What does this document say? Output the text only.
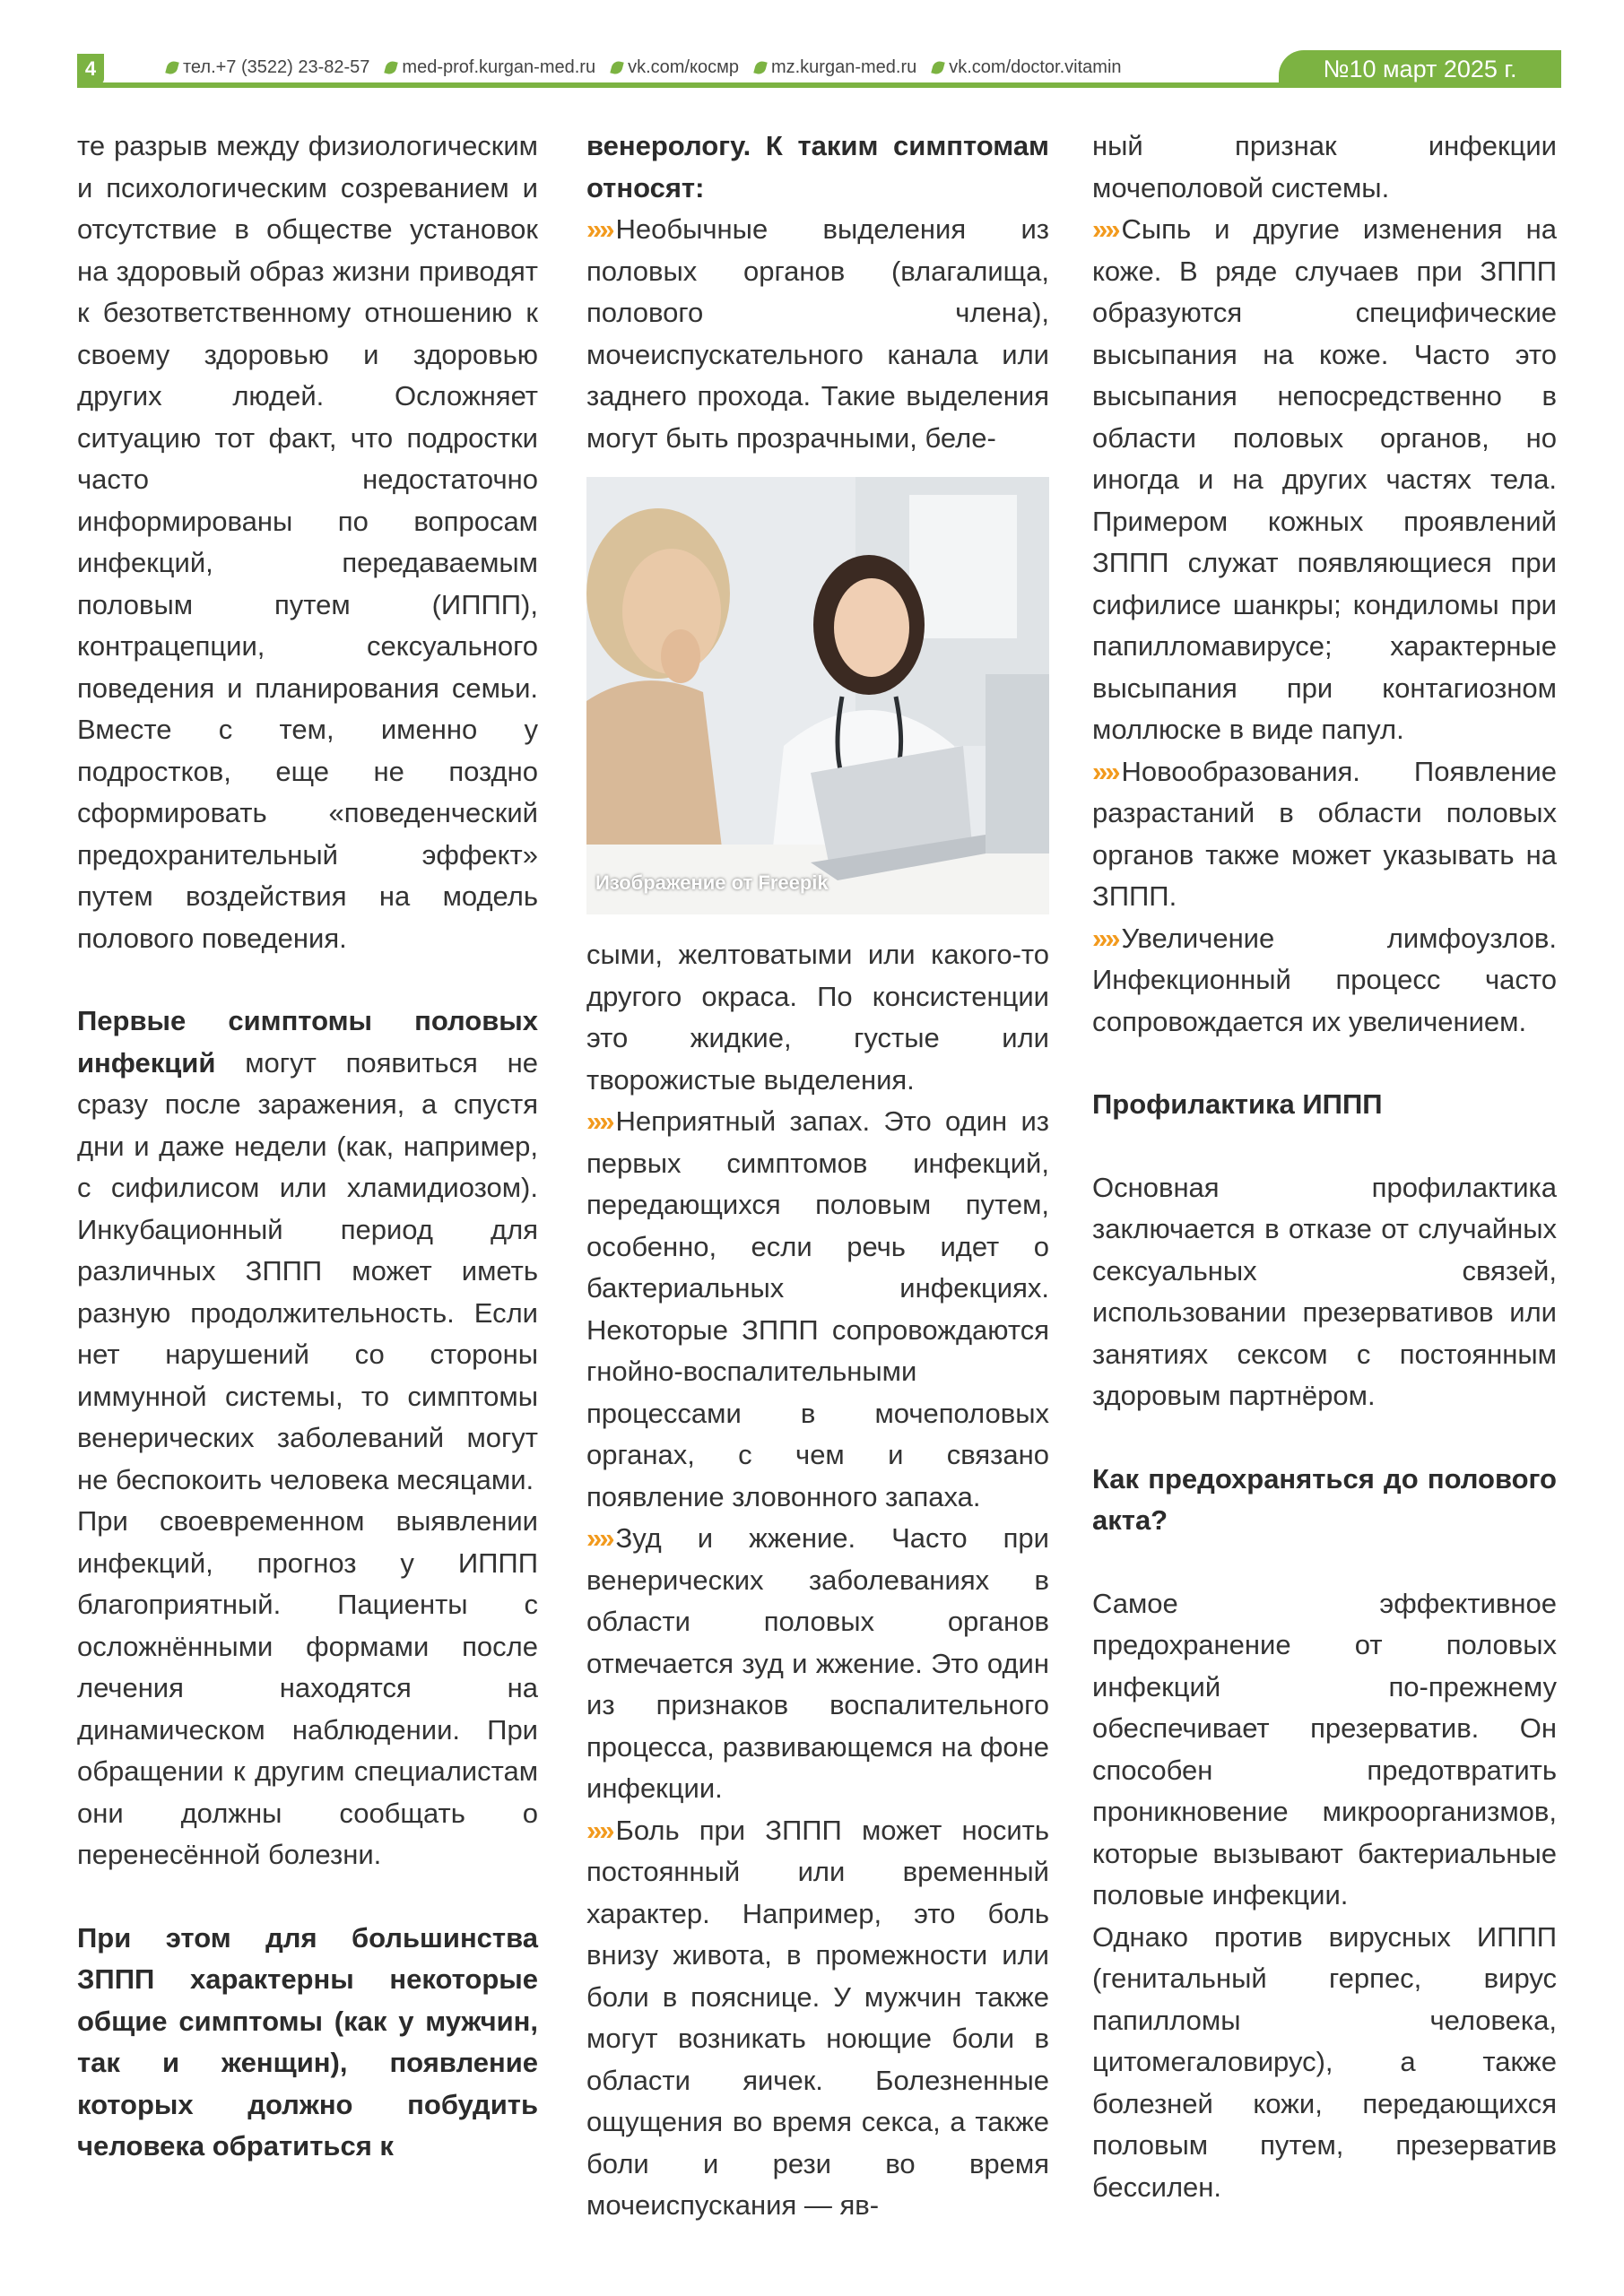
4	тел.+7 (3522) 23-82-57 med-prof.kurgan-med.ru vk.com/космр mz.kurgan-med.ru vk.com/doctor.vitamin	№10 март 2025 г.

те разрыв между физиологическим и психологическим созреванием и отсутствие в обществе установок на здоровый образ жизни приводят к безответственному отношению к своему здоровью и здоровью других людей. Осложняет ситуацию тот факт, что подростки часто недостаточно информированы по вопросам инфекций, передаваемым половым путем (ИППП), контрацепции, сексуального поведения и планирования семьи. Вместе с тем, именно у подростков, еще не поздно сформировать «поведенческий предохранительный эффект» путем воздействия на модель полового поведения.

Первые симптомы половых инфекций могут появиться не сразу после заражения, а спустя дни и даже недели (как, например, с сифилисом или хламидиозом). Инкубационный период для различных ЗППП может иметь разную продолжительность. Если нет нарушений со стороны иммунной системы, то симптомы венерических заболеваний могут не беспокоить человека месяцами.

При своевременном выявлении инфекций, прогноз у ИППП благоприятный. Пациенты с осложнёнными формами после лечения находятся на динамическом наблюдении. При обращении к другим специалистам они должны сообщать о перенесённой болезни.

При этом для большинства ЗППП характерны некоторые общие симптомы (как у мужчин, так и женщин), появление которых должно побудить человека обратиться к

венерологу. К таким симптомам относят:

»» Необычные выделения из половых органов (влагалища, полового члена), мочеиспускательного канала или заднего прохода. Такие выделения могут быть прозрачными, беле-

Изображение от Freepik

сыми, желтоватыми или какого-то другого окраса. По консистенции это жидкие, густые или творожистые выделения.

»» Неприятный запах. Это один из первых симптомов инфекций, передающихся половым путем, особенно, если речь идет о бактериальных инфекциях. Некоторые ЗППП сопровождаются гнойно-воспалительными процессами в мочеполовых органах, с чем и связано появление зловонного запаха.

»» Зуд и жжение. Часто при венерических заболеваниях в области половых органов отмечается зуд и жжение. Это один из признаков воспалительного процесса, развивающемся на фоне инфекции.

»» Боль при ЗППП может носить постоянный или временный характер. Например, это боль внизу живота, в промежности или боли в пояснице. У мужчин также могут возникать ноющие боли в области яичек. Болезненные ощущения во время секса, а также боли и рези во время мочеиспускания — яв-

ный признак инфекции мочеполовой системы.

»» Сыпь и другие изменения на коже. В ряде случаев при ЗППП образуются специфические высыпания на коже. Часто это высыпания непосредственно в области половых органов, но иногда и на других частях тела. Примером кожных проявлений ЗППП служат появляющиеся при сифилисе шанкры; кондиломы при папилломавирусе; характерные высыпания при контагиозном моллюске в виде папул.

»» Новообразования. Появление разрастаний в области половых органов также может указывать на ЗППП.

»» Увеличение лимфоузлов. Инфекционный процесс часто сопровождается их увеличением.

Профилактика ИППП

Основная профилактика заключается в отказе от случайных сексуальных связей, использовании презервативов или занятиях сексом с постоянным здоровым партнёром.

Как предохраняться до полового акта?

Самое эффективное предохранение от половых инфекций по-прежнему обеспечивает презерватив. Он способен предотвратить проникновение микроорганизмов, которые вызывают бактериальные половые инфекции.

Однако против вирусных ИППП (генитальный герпес, вирус папилломы человека, цитомегаловирус), а также болезней кожи, передающихся половым путем, презерватив бессилен.
